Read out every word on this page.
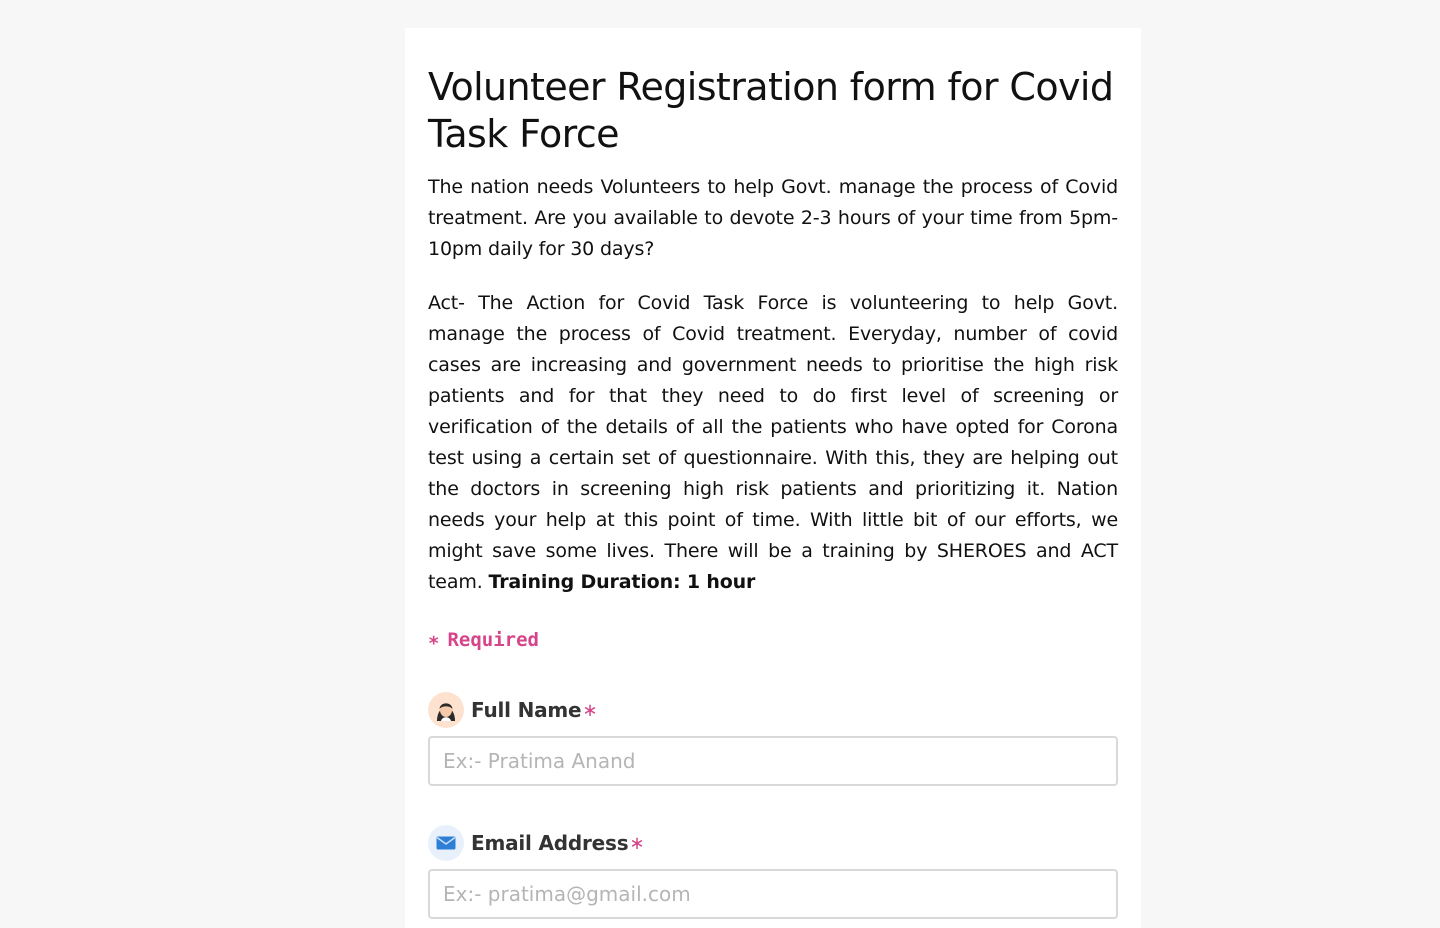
Volunteer Registration form for Covid Task Force

The nation needs Volunteers to help Govt. manage the process of Covid treatment. Are you available to devote 2-3 hours of your time from 5pm-10pm daily for 30 days?

Act- The Action for Covid Task Force is volunteering to help Govt. manage the process of Covid treatment. Everyday, number of covid cases are increasing and government needs to prioritise the high risk patients and for that they need to do first level of screening or verification of the details of all the patients who have opted for Corona test using a certain set of questionnaire. With this, they are helping out the doctors in screening high risk patients and prioritizing it. Nation needs your help at this point of time. With little bit of our efforts, we might save some lives. There will be a training by SHEROES and ACT team. Training Duration: 1 hour

∗ Required
Full Name ∗
Ex:- Pratima Anand
Email Address ∗
Ex:- pratima@gmail.com
